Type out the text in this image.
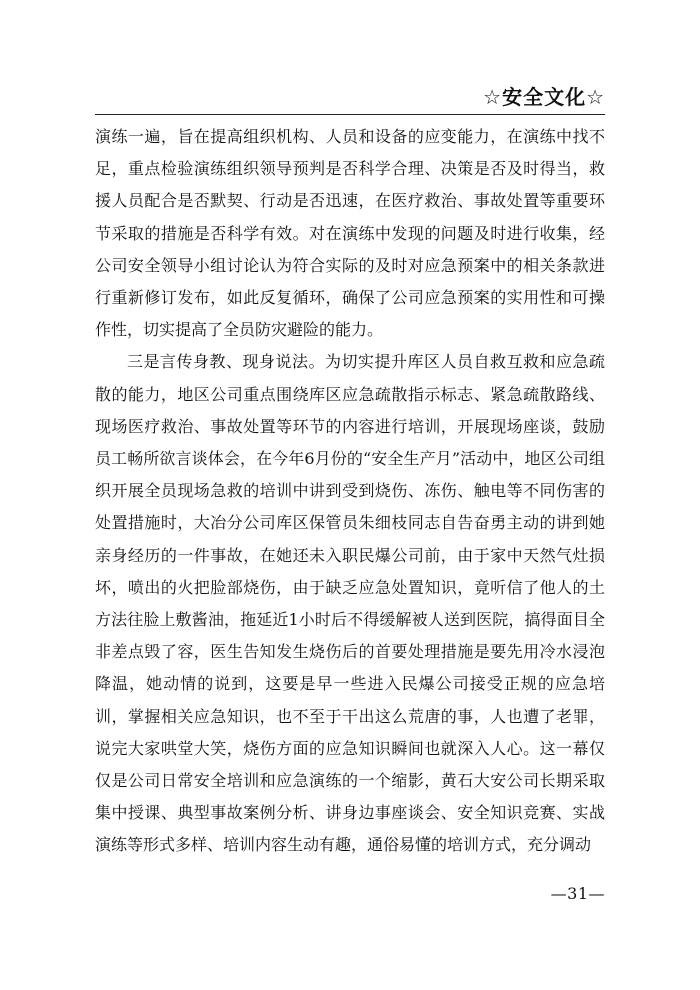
☆安全文化☆

演练一遍，旨在提高组织机构、人员和设备的应变能力，在演练中找不足，重点检验演练组织领导预判是否科学合理、决策是否及时得当，救援人员配合是否默契、行动是否迅速，在医疗救治、事故处置等重要环节采取的措施是否科学有效。对在演练中发现的问题及时进行收集，经公司安全领导小组讨论认为符合实际的及时对应急预案中的相关条款进行重新修订发布，如此反复循环，确保了公司应急预案的实用性和可操作性，切实提高了全员防灾避险的能力。

三是言传身教、现身说法。为切实提升库区人员自救互救和应急疏散的能力，地区公司重点围绕库区应急疏散指示标志、紧急疏散路线、现场医疗救治、事故处置等环节的内容进行培训，开展现场座谈，鼓励员工畅所欲言谈体会，在今年6月份的“安全生产月”活动中，地区公司组织开展全员现场急救的培训中讲到受到烧伤、冻伤、触电等不同伤害的处置措施时，大冶分公司库区保管员朱细枝同志自告奋勇主动的讲到她亲身经历的一件事故，在她还未入职民爆公司前，由于家中天然气灶损坏，喷出的火把脸部烧伤，由于缺乏应急处置知识，竟听信了他人的土方法往脸上敷酱油，拖延近1小时后不得缓解被人送到医院，搞得面目全非差点毁了容，医生告知发生烧伤后的首要处理措施是要先用冷水浸泡降温，她动情的说到，这要是早一些进入民爆公司接受正规的应急培训，掌握相关应急知识，也不至于干出这么荒唐的事，人也遭了老罪，说完大家哄堂大笑，烧伤方面的应急知识瞬间也就深入人心。这一幕仅仅是公司日常安全培训和应急演练的一个缩影，黄石大安公司长期采取集中授课、典型事故案例分析、讲身边事座谈会、安全知识竞赛、实战演练等形式多样、培训内容生动有趣，通俗易懂的培训方式，充分调动

—31—
